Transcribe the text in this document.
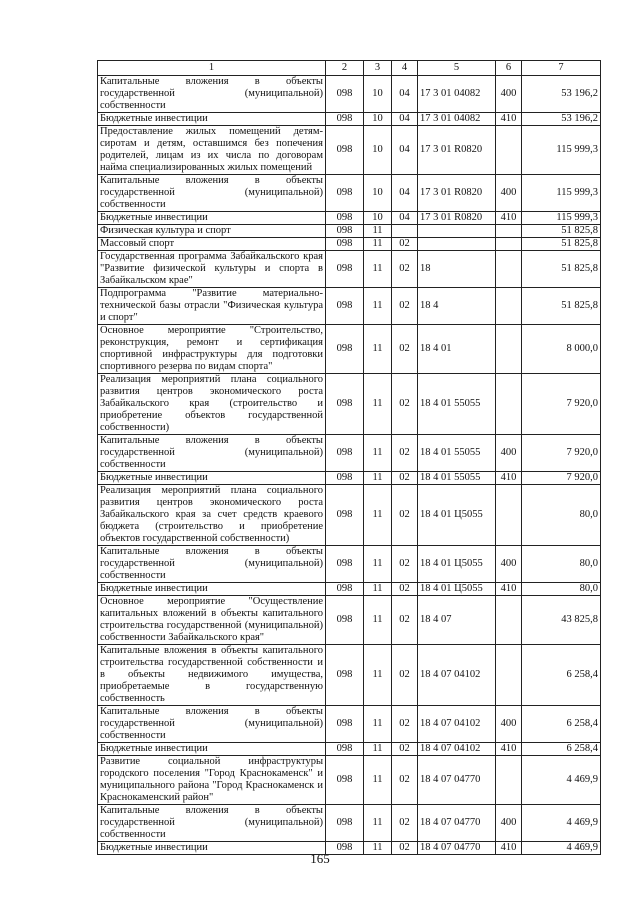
1	2	3	4	5	6	7
Капитальные вложения в объекты государственной (муниципальной) собственности	098	10	04	17 3 01 04082	400	53 196,2
Бюджетные инвестиции	098	10	04	17 3 01 04082	410	53 196,2
Предоставление жилых помещений детям-сиротам и детям, оставшимся без попечения родителей, лицам из их числа по договорам найма специализированных жилых помещений	098	10	04	17 3 01 R0820		115 999,3
Капитальные вложения в объекты государственной (муниципальной) собственности	098	10	04	17 3 01 R0820	400	115 999,3
Бюджетные инвестиции	098	10	04	17 3 01 R0820	410	115 999,3
Физическая культура и спорт	098	11				51 825,8
Массовый спорт	098	11	02			51 825,8
Государственная программа Забайкальского края "Развитие физической культуры и спорта в Забайкальском крае"	098	11	02	18		51 825,8
Подпрограмма "Развитие материально-технической базы отрасли "Физическая культура и спорт"	098	11	02	18 4		51 825,8
Основное мероприятие "Строительство, реконструкция, ремонт и сертификация спортивной инфраструктуры для подготовки спортивного резерва по видам спорта"	098	11	02	18 4 01		8 000,0
Реализация мероприятий плана социального развития центров экономического роста Забайкальского края (строительство и приобретение объектов государственной собственности)	098	11	02	18 4 01 55055		7 920,0
Капитальные вложения в объекты государственной (муниципальной) собственности	098	11	02	18 4 01 55055	400	7 920,0
Бюджетные инвестиции	098	11	02	18 4 01 55055	410	7 920,0
Реализация мероприятий плана социального развития центров экономического роста Забайкальского края за счет средств краевого бюджета (строительство и приобретение объектов государственной собственности)	098	11	02	18 4 01 Ц5055		80,0
Капитальные вложения в объекты государственной (муниципальной) собственности	098	11	02	18 4 01 Ц5055	400	80,0
Бюджетные инвестиции	098	11	02	18 4 01 Ц5055	410	80,0
Основное мероприятие "Осуществление капитальных вложений в объекты капитального строительства государственной (муниципальной) собственности Забайкальского края"	098	11	02	18 4 07		43 825,8
Капитальные вложения в объекты капитального строительства государственной собственности и в объекты недвижимого имущества, приобретаемые в государственную собственность	098	11	02	18 4 07 04102		6 258,4
Капитальные вложения в объекты государственной (муниципальной) собственности	098	11	02	18 4 07 04102	400	6 258,4
Бюджетные инвестиции	098	11	02	18 4 07 04102	410	6 258,4
Развитие социальной инфраструктуры городского поселения "Город Краснокаменск" и муниципального района "Город Краснокаменск и Краснокаменский район"	098	11	02	18 4 07 04770		4 469,9
Капитальные вложения в объекты государственной (муниципальной) собственности	098	11	02	18 4 07 04770	400	4 469,9
Бюджетные инвестиции	098	11	02	18 4 07 04770	410	4 469,9
165
